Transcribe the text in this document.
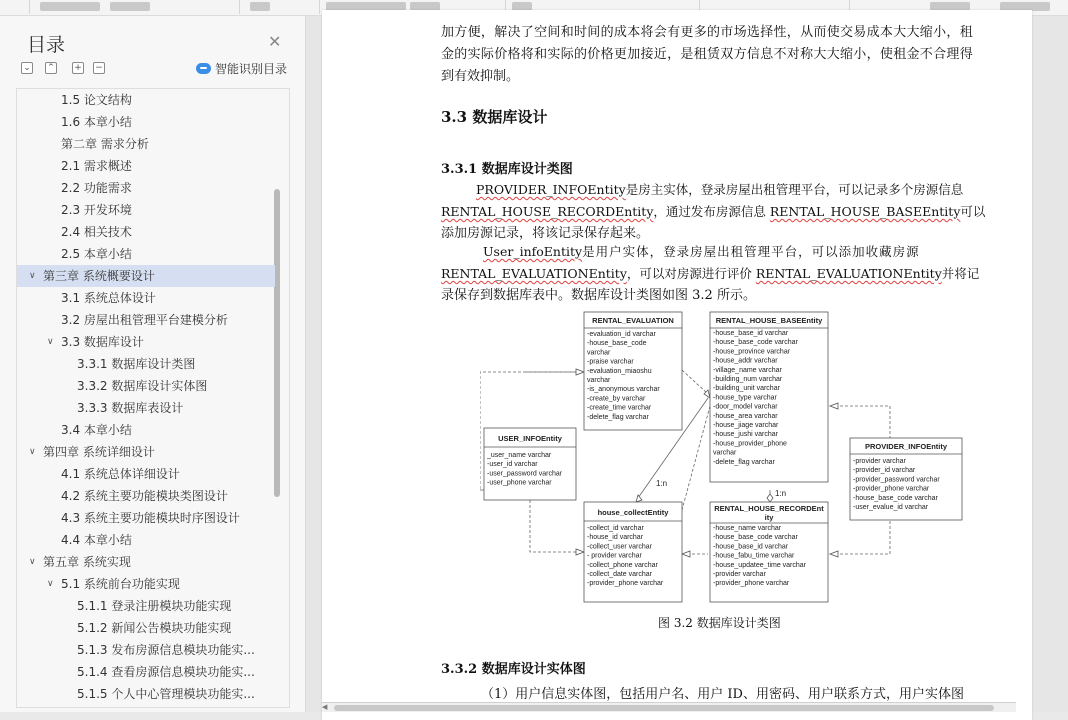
目录	✕
⌄ ⌃ + −	智能识别目录
1.5 论文结构
1.6 本章小结
第二章 需求分析
2.1 需求概述
2.2 功能需求
2.3 开发环境
2.4 相关技术
2.5 本章小结
∨ 第三章 系统概要设计
3.1 系统总体设计
3.2 房屋出租管理平台建模分析
∨ 3.3 数据库设计
3.3.1 数据库设计类图
3.3.2 数据库设计实体图
3.3.3 数据库表设计
3.4 本章小结
∨ 第四章 系统详细设计
4.1 系统总体详细设计
4.2 系统主要功能模块类图设计
4.3 系统主要功能模块时序图设计
4.4 本章小结
∨ 第五章 系统实现
∨ 5.1 系统前台功能实现
5.1.1 登录注册模块功能实现
5.1.2 新闻公告模块功能实现
5.1.3 发布房源信息模块功能实...
5.1.4 查看房源信息模块功能实...
5.1.5 个人中心管理模块功能实...
加方便，解决了空间和时间的成本将会有更多的市场选择性，从而使交易成本大大缩小，租
金的实际价格将和实际的价格更加接近，是租赁双方信息不对称大大缩小，使租金不合理得
到有效抑制。
3.3 数据库设计
3.3.1 数据库设计类图
PROVIDER_INFOEntity是房主实体，登录房屋出租管理平台，可以记录多个房源信息
RENTAL_HOUSE_RECORDEntity，通过发布房源信息 RENTAL_HOUSE_BASEEntity可以
添加房源记录，将该记录保存起来。
User_infoEntity是用户实体，登录房屋出租管理平台，可以添加收藏房源
RENTAL_EVALUATIONEntity，可以对房源进行评价 RENTAL_EVALUATIONEntity并将记
录保存到数据库表中。数据库设计类图如图 3.2 所示。
1:n
1:n
RENTAL_EVALUATION
-evaluation_id varchar
-house_base_code
varchar
-praise varchar
-evaluation_miaoshu
varchar
-is_anonymous varchar
-create_by varchar
-create_time varchar
-delete_flag varchar
RENTAL_HOUSE_BASEEntity
-house_base_id varchar
-house_base_code varchar
-house_province varchar
-house_addr varchar
-village_name varchar
-building_num varchar
-building_unit varchar
-house_type varchar
-door_model varchar
-house_area varchar
-house_jiage varchar
-house_jushi varchar
-house_provider_phone
varchar
-delete_flag varchar
USER_INFOEntity
_user_name varchar
-user_id varchar
-user_password varchar
-user_phone varchar
PROVIDER_INFOEntity
-provider varchar
-provider_id varchar
-provider_password varchar
-provider_phone varchar
-house_base_code varchar
-user_evalue_id varchar
house_collectEntity
-collect_id varchar
-house_id varchar
-collect_user varchar
- provider varchar
-collect_phone varchar
-collect_date varchar
-provider_phone varchar
RENTAL_HOUSE_RECORDEnt
ity
-house_name varchar
-house_base_code varchar
-house_base_id varchar
-house_fabu_time varchar
-house_updatee_time varchar
-provider varchar
-provider_phone varchar
图 3.2 数据库设计类图
3.3.2 数据库设计实体图
（1）用户信息实体图，包括用户名、用户 ID、用密码、用户联系方式，用户实体图
◀
